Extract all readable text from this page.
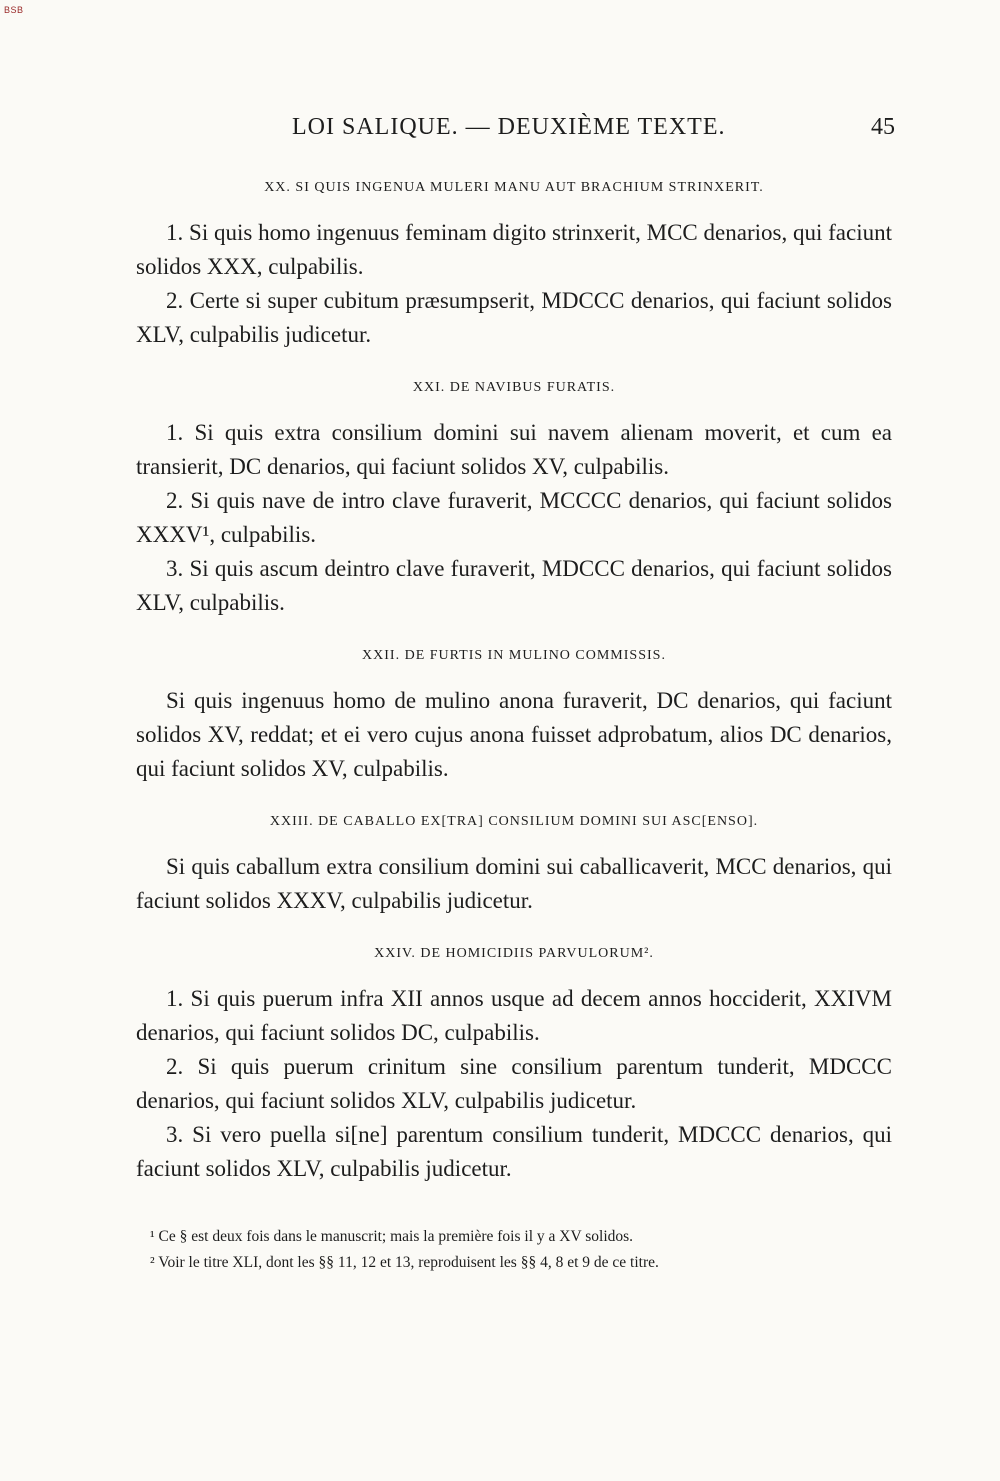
BSB
LOI SALIQUE. — DEUXIÈME TEXTE.	45

XX. SI QUIS INGENUA MULERI MANU AUT BRACHIUM STRINXERIT.

1. Si quis homo ingenuus feminam digito strinxerit, MCC denarios, qui faciunt solidos XXX, culpabilis.

2. Certe si super cubitum præsumpserit, MDCCC denarios, qui faciunt solidos XLV, culpabilis judicetur.

XXI. DE NAVIBUS FURATIS.

1. Si quis extra consilium domini sui navem alienam moverit, et cum ea transierit, DC denarios, qui faciunt solidos XV, culpabilis.

2. Si quis nave de intro clave furaverit, MCCCC denarios, qui faciunt solidos XXXV¹, culpabilis.

3. Si quis ascum deintro clave furaverit, MDCCC denarios, qui faciunt solidos XLV, culpabilis.

XXII. DE FURTIS IN MULINO COMMISSIS.

Si quis ingenuus homo de mulino anona furaverit, DC denarios, qui faciunt solidos XV, reddat; et ei vero cujus anona fuisset adprobatum, alios DC denarios, qui faciunt solidos XV, culpabilis.

XXIII. DE CABALLO EX[TRA] CONSILIUM DOMINI SUI ASC[ENSO].

Si quis caballum extra consilium domini sui caballicaverit, MCC denarios, qui faciunt solidos XXXV, culpabilis judicetur.

XXIV. DE HOMICIDIIS PARVULORUM².

1. Si quis puerum infra XII annos usque ad decem annos hocciderit, XXIVM denarios, qui faciunt solidos DC, culpabilis.

2. Si quis puerum crinitum sine consilium parentum tunderit, MDCCC denarios, qui faciunt solidos XLV, culpabilis judicetur.

3. Si vero puella si[ne] parentum consilium tunderit, MDCCC denarios, qui faciunt solidos XLV, culpabilis judicetur.

¹ Ce § est deux fois dans le manuscrit; mais la première fois il y a XV solidos.

² Voir le titre XLI, dont les §§ 11, 12 et 13, reproduisent les §§ 4, 8 et 9 de ce titre.
